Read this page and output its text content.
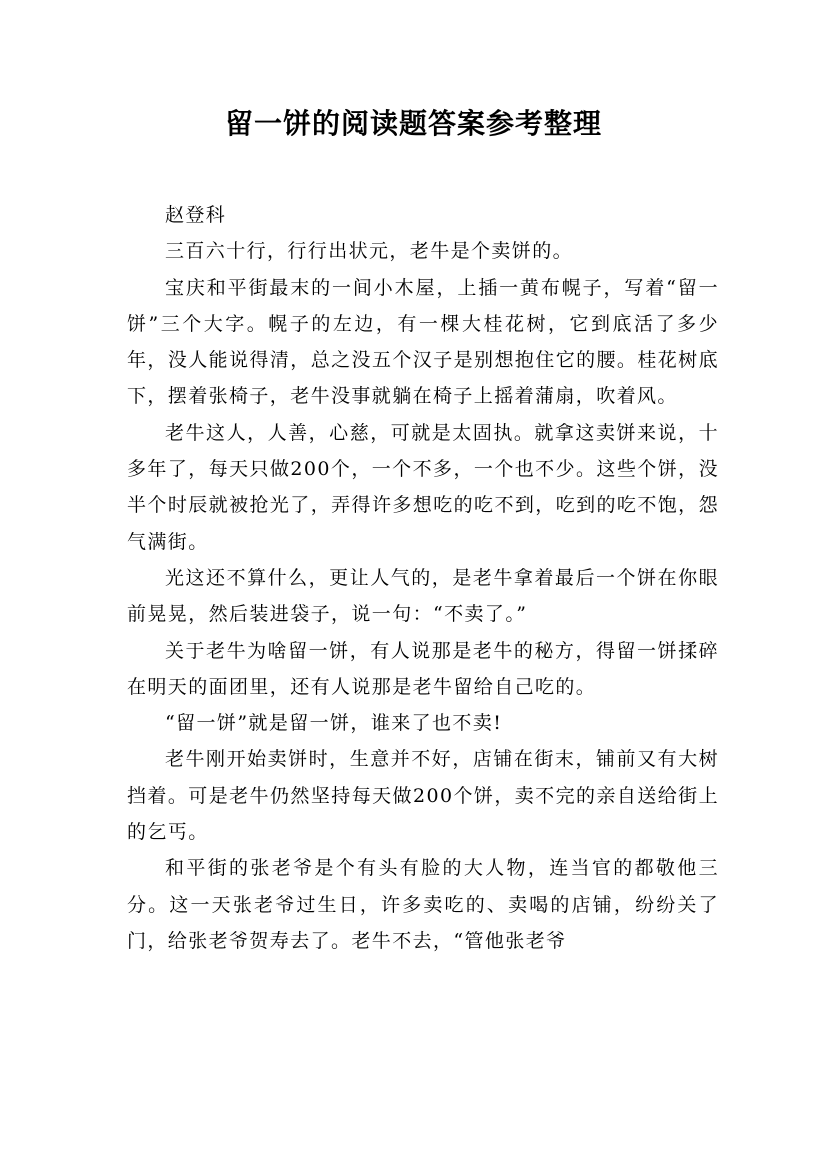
留一饼的阅读题答案参考整理

赵登科

三百六十行，行行出状元，老牛是个卖饼的。

宝庆和平街最末的一间小木屋，上插一黄布幌子，写着“留一饼”三个大字。幌子的左边，有一棵大桂花树，它到底活了多少年，没人能说得清，总之没五个汉子是别想抱住它的腰。桂花树底下，摆着张椅子，老牛没事就躺在椅子上摇着蒲扇，吹着风。

老牛这人，人善，心慈，可就是太固执。就拿这卖饼来说，十多年了，每天只做200个，一个不多，一个也不少。这些个饼，没半个时辰就被抢光了，弄得许多想吃的吃不到，吃到的吃不饱，怨气满街。

光这还不算什么，更让人气的，是老牛拿着最后一个饼在你眼前晃晃，然后装进袋子，说一句：“不卖了。”

关于老牛为啥留一饼，有人说那是老牛的秘方，得留一饼揉碎在明天的面团里，还有人说那是老牛留给自己吃的。

“留一饼”就是留一饼，谁来了也不卖!

老牛刚开始卖饼时，生意并不好，店铺在街末，铺前又有大树挡着。可是老牛仍然坚持每天做200个饼，卖不完的亲自送给街上的乞丐。

和平街的张老爷是个有头有脸的大人物，连当官的都敬他三分。这一天张老爷过生日，许多卖吃的、卖喝的店铺，纷纷关了门，给张老爷贺寿去了。老牛不去，“管他张老爷
